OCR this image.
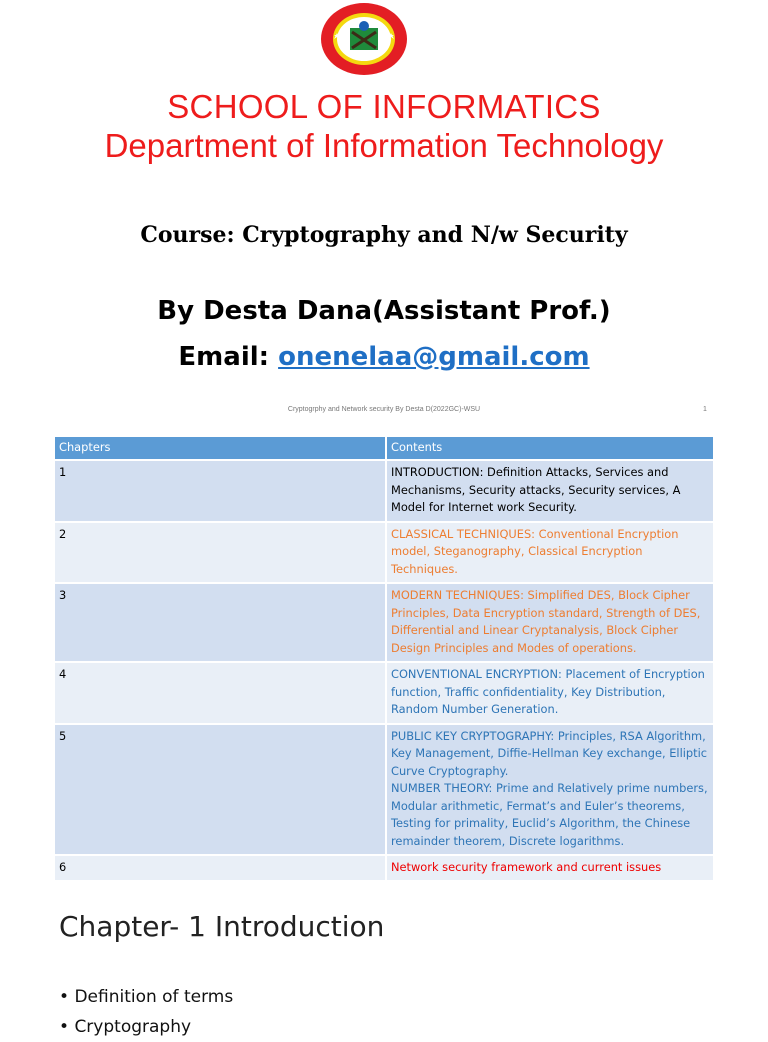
SCHOOL OF INFORMATICS
Department of Information Technology
Course: Cryptography and N/w Security
By Desta Dana(Assistant Prof.)
Email: onenelaa@gmail.com
Cryptogrphy and Network security By Desta D(2022GC)-WSU	1
Chapters	Contents
1	INTRODUCTION: Definition Attacks, Services and Mechanisms, Security attacks, Security services, A Model for Internet work Security.
2	CLASSICAL TECHNIQUES: Conventional Encryption model, Steganography, Classical Encryption Techniques.
3	MODERN TECHNIQUES: Simplified DES, Block Cipher Principles, Data Encryption standard, Strength of DES, Differential and Linear Cryptanalysis, Block Cipher Design Principles and Modes of operations.
4	CONVENTIONAL ENCRYPTION: Placement of Encryption function, Traffic confidentiality, Key Distribution, Random Number Generation.
5	PUBLIC KEY CRYPTOGRAPHY: Principles, RSA Algorithm, Key Management, Diffie-Hellman Key exchange, Elliptic Curve Cryptography.
NUMBER THEORY: Prime and Relatively prime numbers, Modular arithmetic, Fermat’s and Euler’s theorems, Testing for primality, Euclid’s Algorithm, the Chinese remainder theorem, Discrete logarithms.

6	Network security framework and current issues
Chapter- 1 Introduction
• Definition of terms
• Cryptography
